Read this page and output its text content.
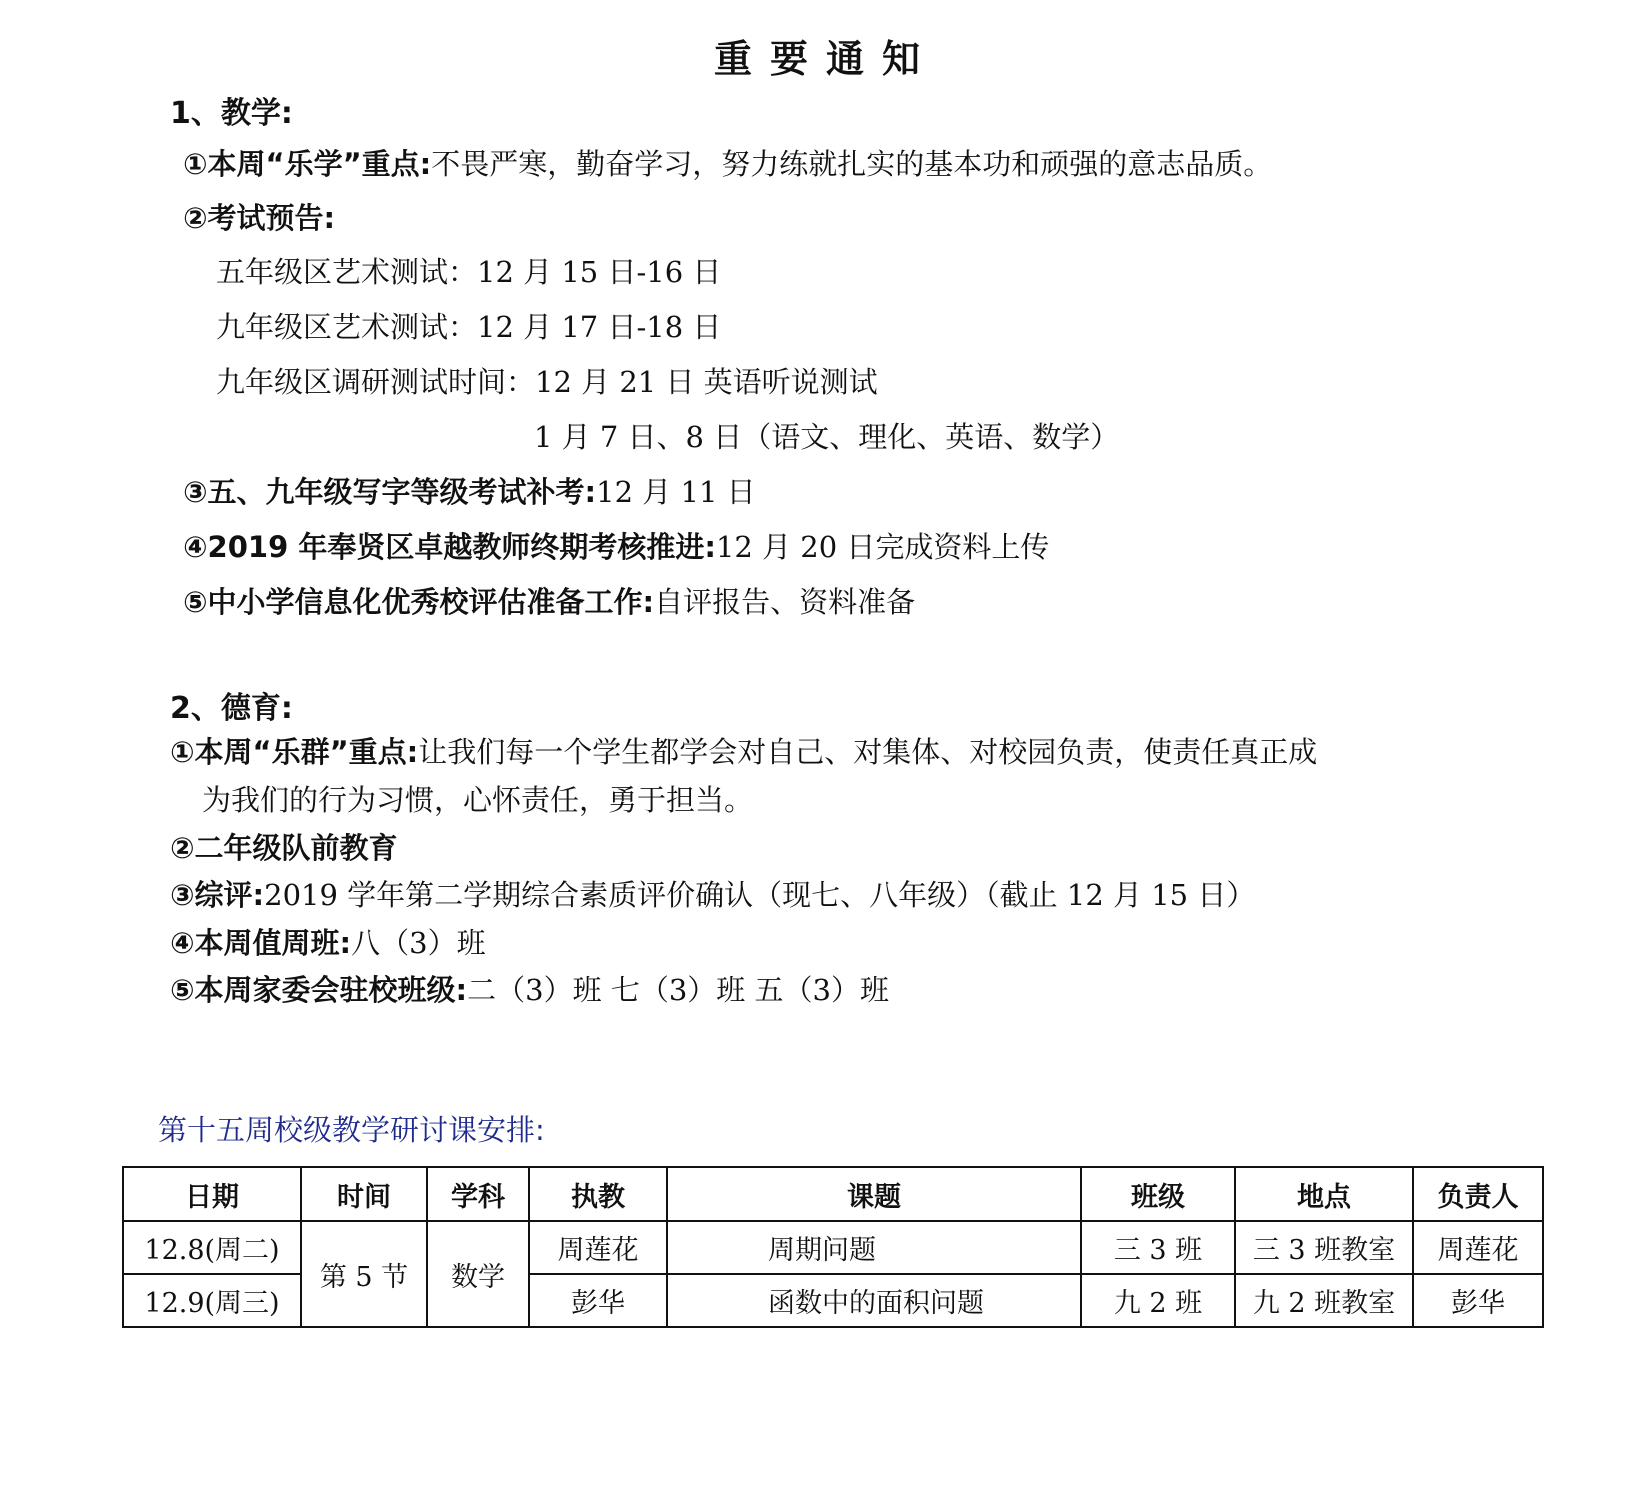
重要通知
1、教学:
①本周“乐学”重点:不畏严寒，勤奋学习，努力练就扎实的基本功和顽强的意志品质。
②考试预告:
五年级区艺术测试：12 月 15 日-16 日
九年级区艺术测试：12 月 17 日-18 日
九年级区调研测试时间：12 月 21 日 英语听说测试
1 月 7 日、8 日（语文、理化、英语、数学）
③五、九年级写字等级考试补考:12 月 11 日
④2019 年奉贤区卓越教师终期考核推进:12 月 20 日完成资料上传
⑤中小学信息化优秀校评估准备工作:自评报告、资料准备
2、德育:
①本周“乐群”重点:让我们每一个学生都学会对自己、对集体、对校园负责，使责任真正成
为我们的行为习惯，心怀责任，勇于担当。
②二年级队前教育
③综评:2019 学年第二学期综合素质评价确认（现七、八年级）（截止 12 月 15 日）
④本周值周班:八（3）班
⑤本周家委会驻校班级:二（3）班 七（3）班 五（3）班
第十五周校级教学研讨课安排:
日期	时间	学科	执教	课题	班级	地点	负责人
12.8(周二)	第 5 节	数学	周莲花	周期问题	三 3 班	三 3 班教室	周莲花
12.9(周三)			彭华	函数中的面积问题	九 2 班	九 2 班教室	彭华
